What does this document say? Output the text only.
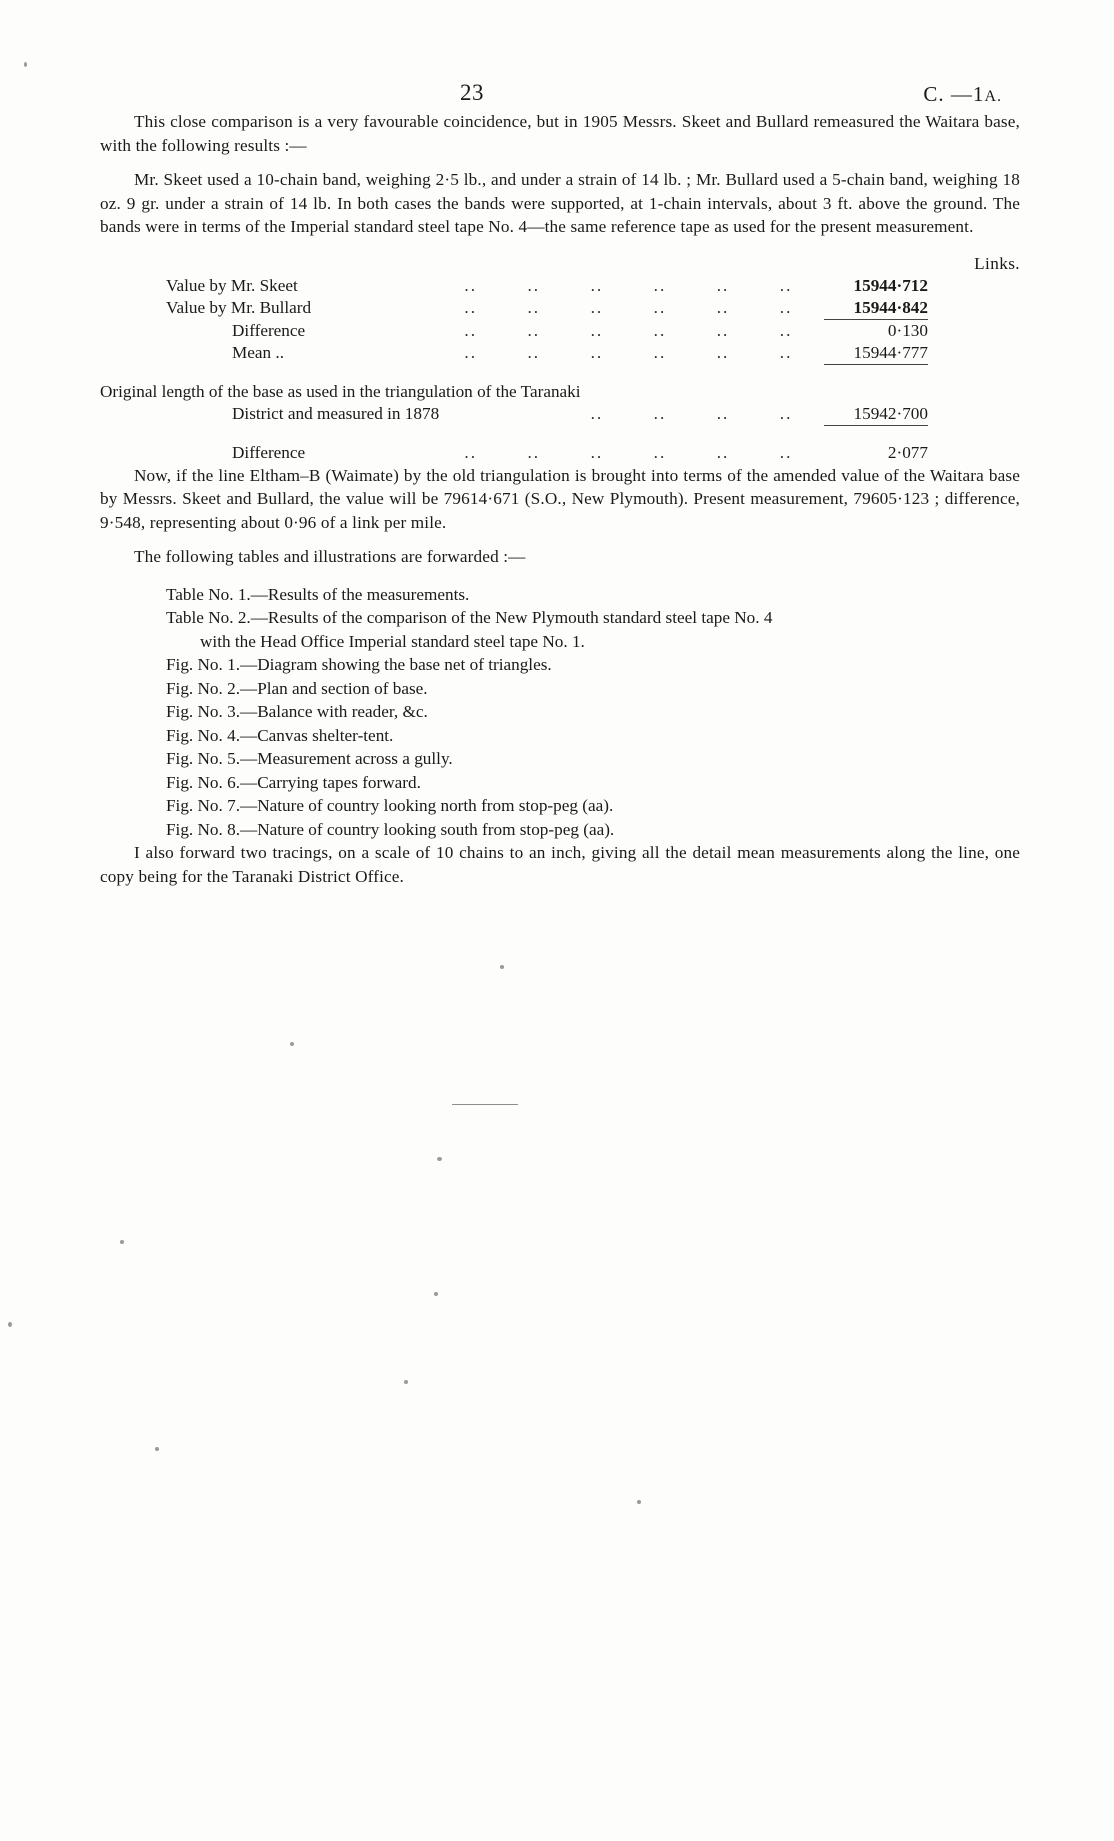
23	C. —1A.

This close comparison is a very favourable coincidence, but in 1905 Messrs. Skeet and Bullard remeasured the Waitara base, with the following results :—

Mr. Skeet used a 10-chain band, weighing 2·5 lb., and under a strain of 14 lb. ; Mr. Bullard used a 5-chain band, weighing 18 oz. 9 gr. under a strain of 14 lb. In both cases the bands were supported, at 1-chain intervals, about 3 ft. above the ground. The bands were in terms of the Imperial standard steel tape No. 4—the same reference tape as used for the present measurement.

Links.							
Value by Mr. Skeet	..	..	..	..	..	..	15944·712
Value by Mr. Bullard	..	..	..	..	..	..	15944·842

Difference	..	..	..	..	..	..	0·130
Mean ..	..	..	..	..	..	..	15944·777

Original length of the base as used in the triangulation of the Taranaki							
District and measured in 1878			..	..	..	..	15942·700

Difference	..	..	..	..	..	..	2·077

Now, if the line Eltham–B (Waimate) by the old triangulation is brought into terms of the amended value of the Waitara base by Messrs. Skeet and Bullard, the value will be 79614·671 (S.O., New Plymouth). Present measurement, 79605·123 ; difference, 9·548, representing about 0·96 of a link per mile.

The following tables and illustrations are forwarded :—

Table No. 1.—Results of the measurements.
Table No. 2.—Results of the comparison of the New Plymouth standard steel tape No. 4
with the Head Office Imperial standard steel tape No. 1.
Fig. No. 1.—Diagram showing the base net of triangles.
Fig. No. 2.—Plan and section of base.
Fig. No. 3.—Balance with reader, &c.
Fig. No. 4.—Canvas shelter-tent.
Fig. No. 5.—Measurement across a gully.
Fig. No. 6.—Carrying tapes forward.
Fig. No. 7.—Nature of country looking north from stop-peg (aa).
Fig. No. 8.—Nature of country looking south from stop-peg (aa).

I also forward two tracings, on a scale of 10 chains to an inch, giving all the detail mean measurements along the line, one copy being for the Taranaki District Office.
